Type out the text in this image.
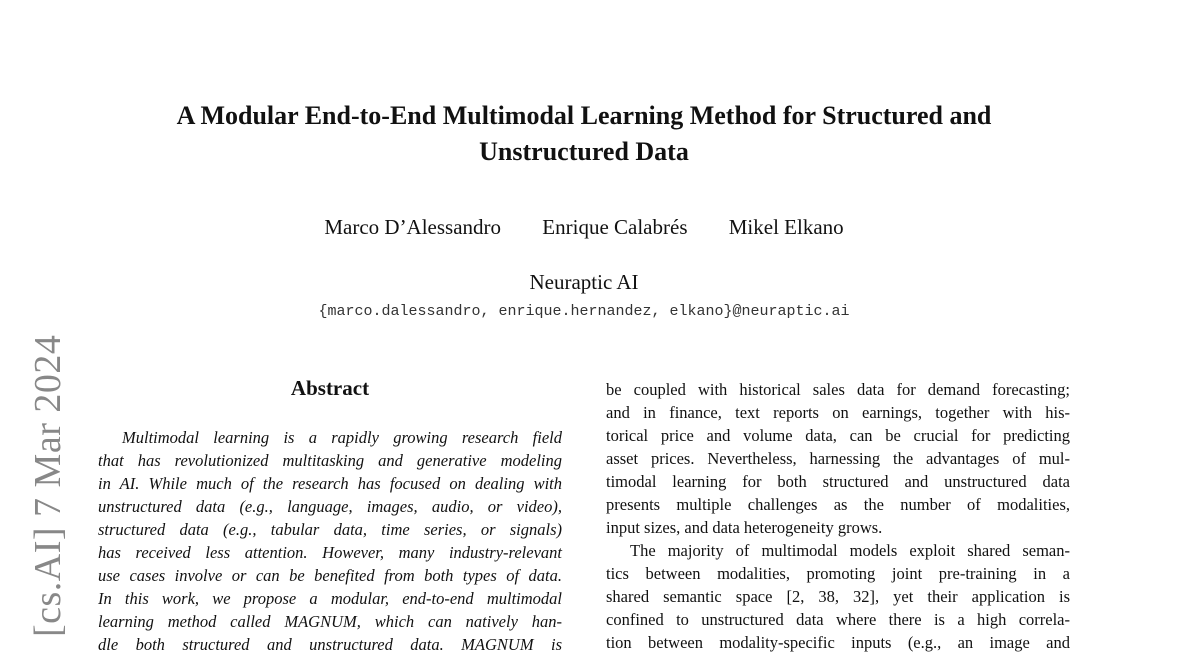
A Modular End-to-End Multimodal Learning Method for Structured and
Unstructured Data
Marco D’Alessandro Enrique Calabrés Mikel Elkano
Neuraptic AI
{marco.dalessandro, enrique.hernandez, elkano}@neuraptic.ai
[cs.AI] 7 Mar 2024	Abstract
Multimodal learning is a rapidly growing research field
that has revolutionized multitasking and generative modeling
in AI. While much of the research has focused on dealing with
unstructured data (e.g., language, images, audio, or video),
structured data (e.g., tabular data, time series, or signals)
has received less attention. However, many industry-relevant
use cases involve or can be benefited from both types of data.
In this work, we propose a modular, end-to-end multimodal
learning method called MAGNUM, which can natively han-
dle both structured and unstructured data. MAGNUM is
be coupled with historical sales data for demand forecasting;
and in finance, text reports on earnings, together with his-
torical price and volume data, can be crucial for predicting
asset prices. Nevertheless, harnessing the advantages of mul-
timodal learning for both structured and unstructured data
presents multiple challenges as the number of modalities,
input sizes, and data heterogeneity grows.
The majority of multimodal models exploit shared seman-
tics between modalities, promoting joint pre-training in a
shared semantic space [2, 38, 32], yet their application is
confined to unstructured data where there is a high correla-
tion between modality-specific inputs (e.g., an image and
